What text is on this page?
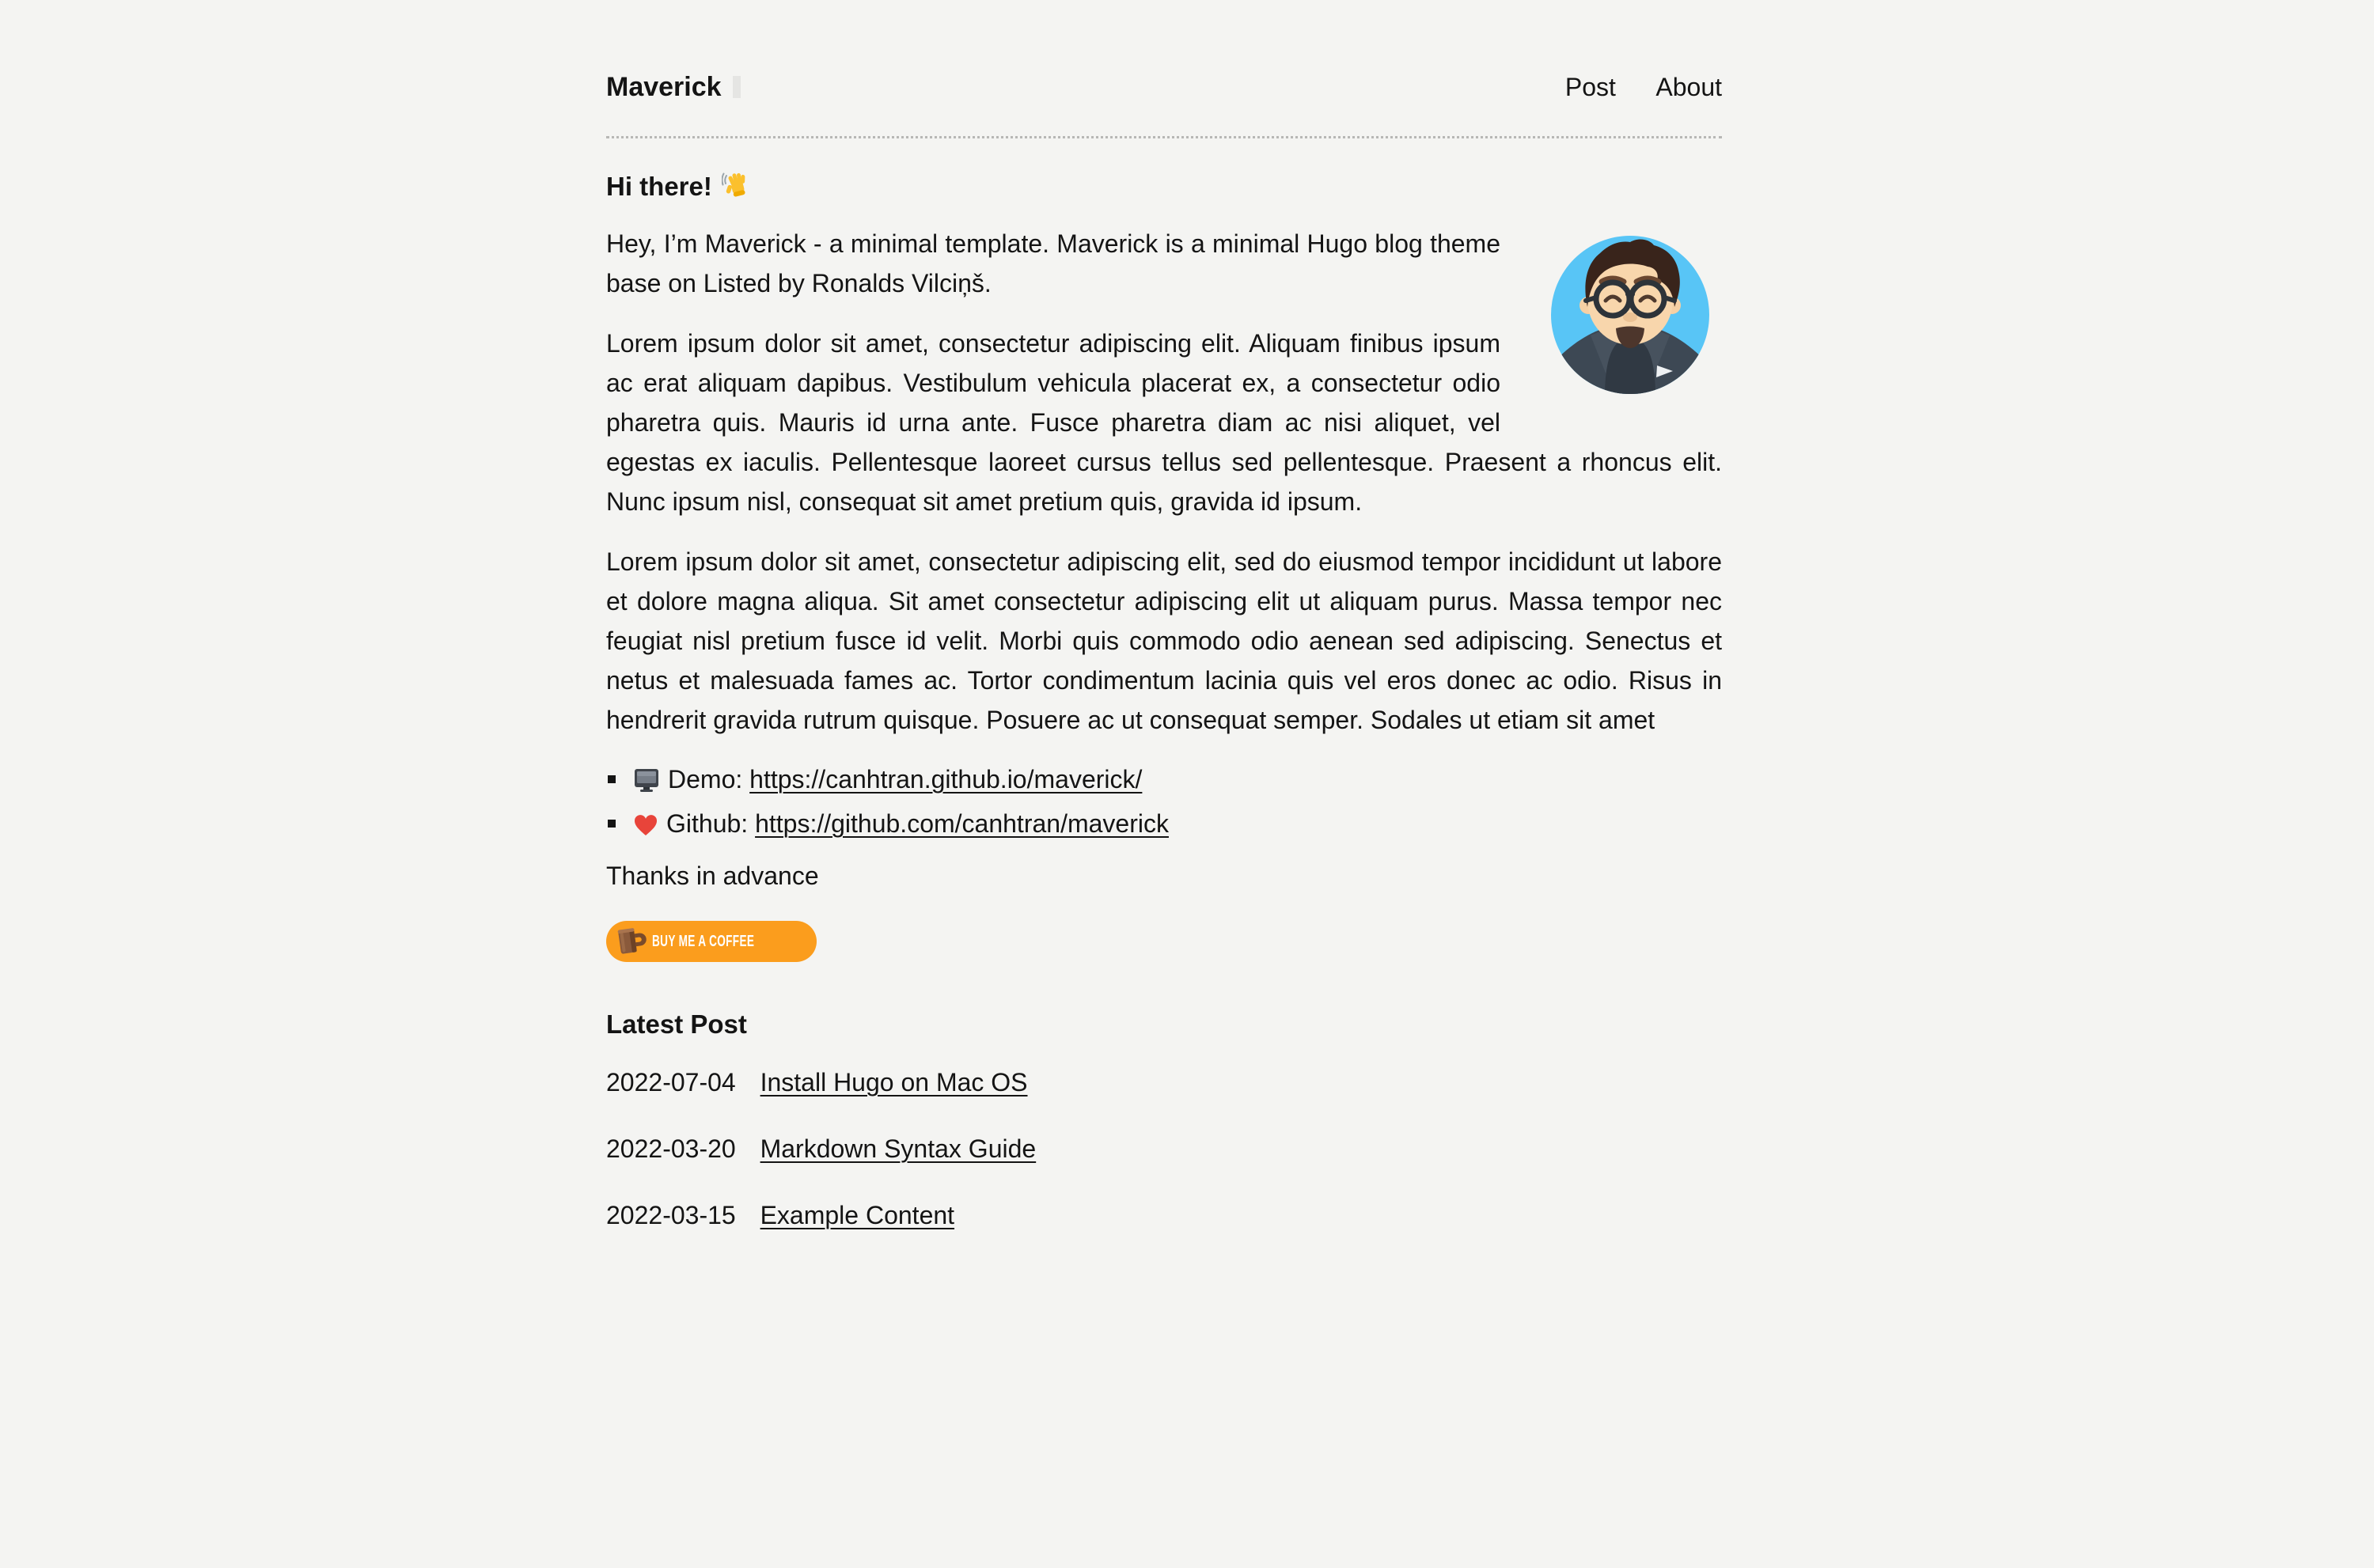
Maverick	Post About
Hi there!

Hey, I’m Maverick - a minimal template. Maverick is a minimal Hugo blog theme base on Listed by Ronalds Vilciņš.

Lorem ipsum dolor sit amet, consectetur adipiscing elit. Aliquam finibus ipsum ac erat aliquam dapibus. Vestibulum vehicula placerat ex, a consectetur odio pharetra quis. Mauris id urna ante. Fusce pharetra diam ac nisi aliquet, vel egestas ex iaculis. Pellentesque laoreet cursus tellus sed pellentesque. Praesent a rhoncus elit. Nunc ipsum nisl, consequat sit amet pretium quis, gravida id ipsum.

Lorem ipsum dolor sit amet, consectetur adipiscing elit, sed do eiusmod tempor incididunt ut labore et dolore magna aliqua. Sit amet consectetur adipiscing elit ut aliquam purus. Massa tempor nec feugiat nisl pretium fusce id velit. Morbi quis commodo odio aenean sed adipiscing. Senectus et netus et malesuada fames ac. Tortor condimentum lacinia quis vel eros donec ac odio. Risus in hendrerit gravida rutrum quisque. Posuere ac ut consequat semper. Sodales ut etiam sit amet

Demo: https://canhtran.github.io/maverick/
Github: https://github.com/canhtran/maverick

Thanks in advance

BUY ME A COFFEE
Latest Post
2022-07-04 Install Hugo on Mac OS
2022-03-20 Markdown Syntax Guide
2022-03-15 Example Content
